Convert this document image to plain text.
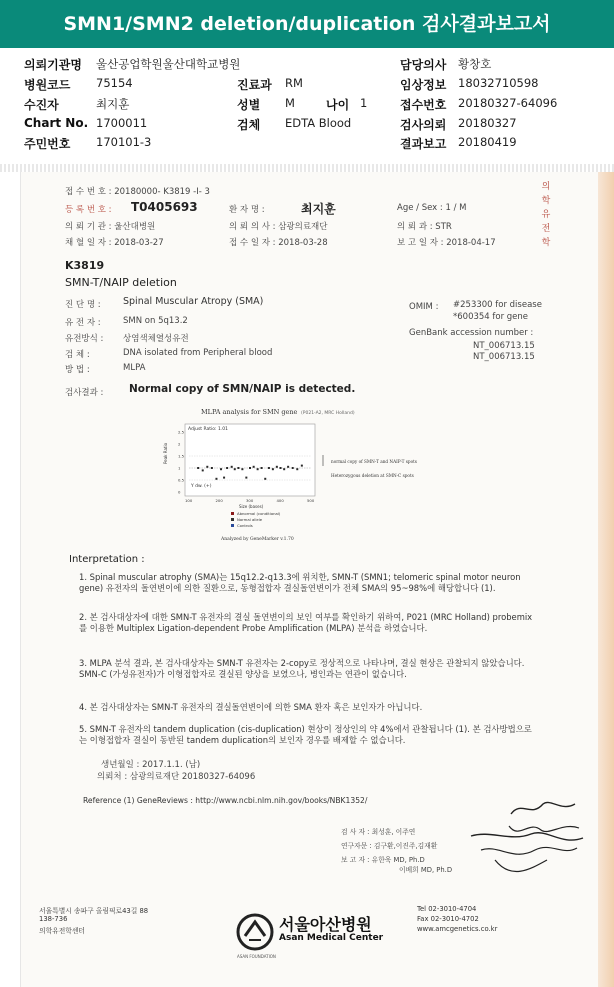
SMN1/SMN2 deletion/duplication 검사결과보고서
의뢰기관명 울산공업학원울산대학교병원
병원코드 75154
수진자	최지훈
Chart No. 1700011
주민번호 170101-3
진료과 RM
성별 M	나이 1
검체 EDTA Blood
담당의사 황창호
임상정보 18032710598
접수번호 20180327-64096
검사의뢰 20180327
결과보고 20180419
접 수 번 호 : 20180000- K3819 -I- 3
등 록 번 호 : T0405693	환 자 명 :	최지훈	Age / Sex : 1 / M
의 뢰 기 관 : 울산대병원	의 뢰 의 사 : 삼광의료재단	의 뢰 과 : STR
채 혈 일 자 : 2018-03-27	접 수 일 자 : 2018-03-28	보 고 일 자 : 2018-04-17
의
학
유
전
학
K3819
SMN-T/NAIP deletion
진 단 명 : Spinal Muscular Atropy (SMA)
유 전 자 :	SMN on 5q13.2
유전방식 : 상염색체열성유전
검 체 :	DNA isolated from Peripheral blood
방 법 :	MLPA
OMIM : #253300 for disease
*600354 for gene
GenBank accession number :
NT_006713.15
NT_006713.15
검사결과 : Normal copy of SMN/NAIP is detected.
MLPA analysis for SMN gene (P021-A2, MRC Holland)
Adjust Ratio: 1.01
Peak Ratio
Size (bases)
0
0.5
1
1.5
2
2.5
100	200	300	400	500
Y dw. (+)
normal copy of SMN-T and NAIP-T spots
Heterozygous deletion at SMN-C spots
Abnormal (conditional)
Normal allele
Controls
Analyzed by GeneMarker v.1.70
Interpretation :
1. Spinal muscular atrophy (SMA)는 15q12.2-q13.3에 위치한, SMN-T (SMN1; telomeric spinal motor neuron gene) 유전자의 돌연변이에 의한 질환으로, 동형접합자 결실돌연변이가 전체 SMA의 95~98%에 해당합니다 (1).
2. 본 검사대상자에 대한 SMN-T 유전자의 결실 돌연변이의 보인 여부를 확인하기 위하여, P021 (MRC Holland) probemix를 이용한 Multiplex Ligation-dependent Probe Amplification (MLPA) 분석을 하였습니다.
3. MLPA 분석 결과, 본 검사대상자는 SMN-T 유전자는 2-copy로 정상적으로 나타나며, 결실 현상은 관찰되지 않았습니다. SMN-C (가성유전자)가 이형접합자로 결실된 양상을 보였으나, 병인과는 연관이 없습니다.
4. 본 검사대상자는 SMN-T 유전자의 결실돌연변이에 의한 SMA 환자 혹은 보인자가 아닙니다.
5. SMN-T 유전자의 tandem duplication (cis-duplication) 현상이 정상인의 약 4%에서 관찰됩니다 (1). 본 검사방법으로는 이형접합자 결실이 동반된 tandem duplication의 보인자 경우를 배제할 수 없습니다.
생년월일 : 2017.1.1. (남)
의뢰처 : 삼광의료재단 20180327-64096
Reference (1) GeneReviews : http://www.ncbi.nlm.nih.gov/books/NBK1352/
검 사 자 : 최성훈, 이주연
연구자문 : 김구환,이진주,김재환
보 고 자 : 유한욱 MD, Ph.D
이베희 MD, Ph.D
서울특별시 송파구 올림픽로43길 88
138-736
의학유전학센터	서울아산병원
Asan Medical Center
ASAN FOUNDATION
Tel 02-3010-4704
Fax 02-3010-4702
www.amcgenetics.co.kr
